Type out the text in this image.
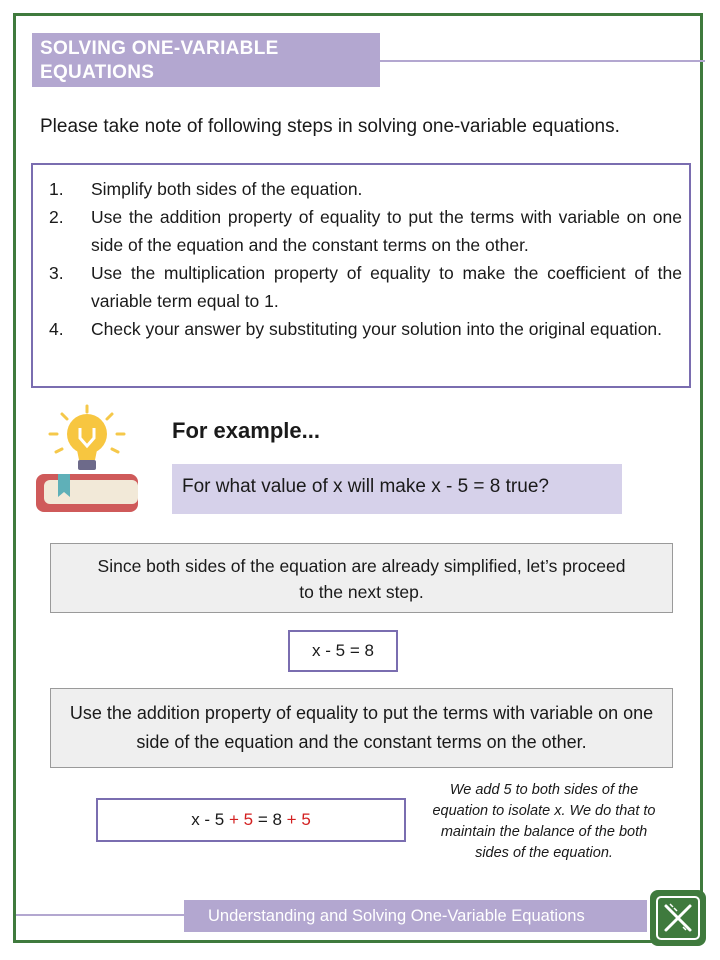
SOLVING ONE-VARIABLE EQUATIONS
Please take note of following steps in solving one-variable equations.
1.	Simplify both sides of the equation.
2.	Use the addition property of equality to put the terms with variable on one side of the equation and the constant terms on the other.
3.	Use the multiplication property of equality to make the coefficient of the variable term equal to 1.
4.	Check your answer by substituting your solution into the original equation.
For example...
For what value of x will make x - 5 = 8 true?
Since both sides of the equation are already simplified, let’s proceed to the next step.
x - 5 = 8
Use the addition property of equality to put the terms with variable on one side of the equation and the constant terms on the other.
x - 5 + 5 = 8 + 5
We add 5 to both sides of the equation to isolate x. We do that to maintain the balance of the both sides of the equation.
Understanding and Solving One-Variable Equations
